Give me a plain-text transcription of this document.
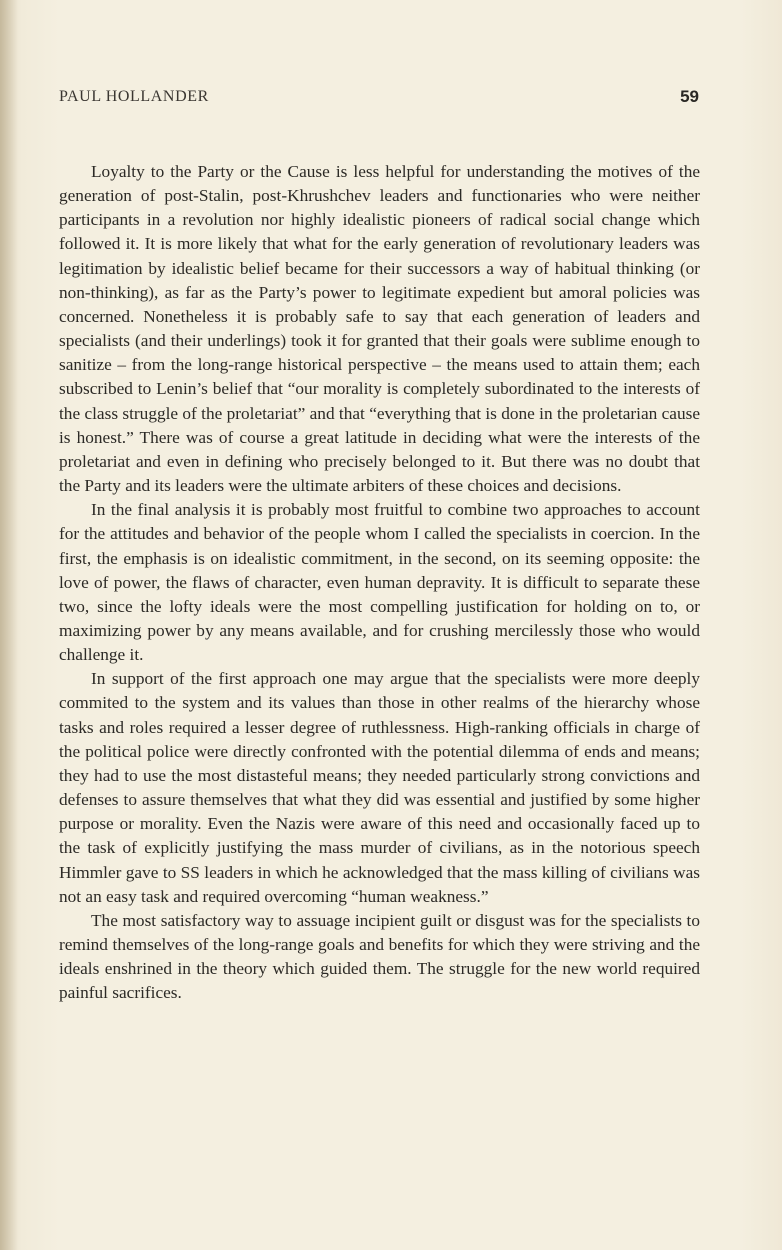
PAUL HOLLANDER	59

Loyalty to the Party or the Cause is less helpful for understanding the motives of the generation of post-Stalin, post-Khrushchev leaders and functionaries who were neither participants in a revolution nor highly idealistic pioneers of radical social change which followed it. It is more likely that what for the early generation of revolutionary leaders was legitimation by idealistic belief became for their successors a way of habitual thinking (or non-thinking), as far as the Party’s power to legitimate expedient but amoral policies was concerned. Nonetheless it is probably safe to say that each generation of leaders and specialists (and their underlings) took it for granted that their goals were sublime enough to sanitize – from the long-range historical perspective – the means used to attain them; each subscribed to Lenin’s belief that “our morality is completely subordinated to the interests of the class struggle of the proletariat” and that “everything that is done in the proletarian cause is honest.” There was of course a great latitude in deciding what were the interests of the proletariat and even in defining who precisely belonged to it. But there was no doubt that the Party and its leaders were the ultimate arbiters of these choices and decisions.

In the final analysis it is probably most fruitful to combine two approaches to account for the attitudes and behavior of the people whom I called the specialists in coercion. In the first, the emphasis is on idealistic commitment, in the second, on its seeming opposite: the love of power, the flaws of character, even human depravity. It is difficult to separate these two, since the lofty ideals were the most compelling justification for holding on to, or maximizing power by any means available, and for crushing mercilessly those who would challenge it.

In support of the first approach one may argue that the specialists were more deeply commited to the system and its values than those in other realms of the hierarchy whose tasks and roles required a lesser degree of ruthlessness. High-ranking officials in charge of the political police were directly confronted with the potential dilemma of ends and means; they had to use the most distasteful means; they needed particularly strong convictions and defenses to assure themselves that what they did was essential and justified by some higher purpose or morality. Even the Nazis were aware of this need and occasionally faced up to the task of explicitly justifying the mass murder of civilians, as in the notorious speech Himmler gave to SS leaders in which he acknowledged that the mass killing of civilians was not an easy task and required overcoming “human weakness.”

The most satisfactory way to assuage incipient guilt or disgust was for the specialists to remind themselves of the long-range goals and benefits for which they were striving and the ideals enshrined in the theory which guided them. The struggle for the new world required painful sacrifices.
